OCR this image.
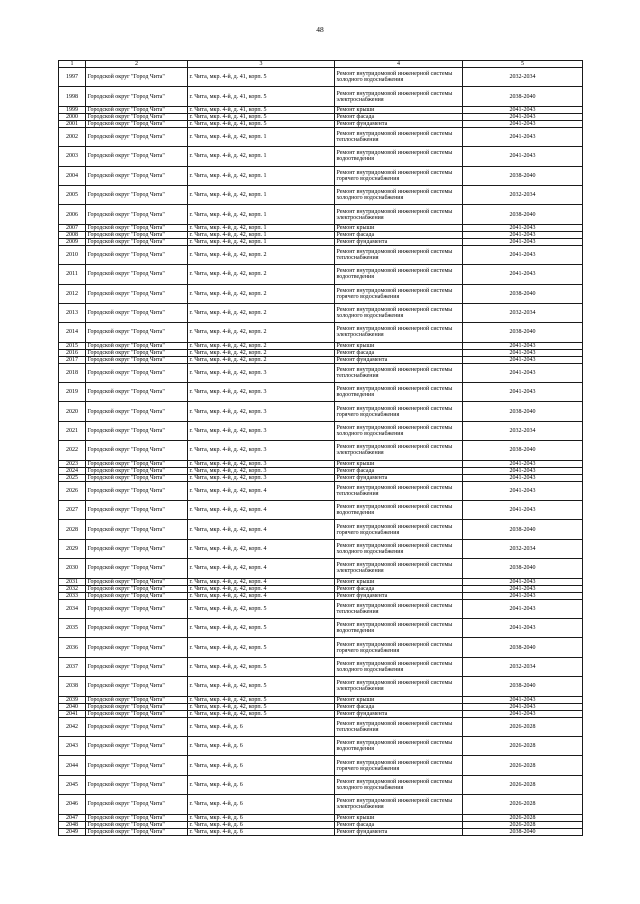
48
1	2	3	4	5
1997	Городской округ "Город Чита"	г. Чита, мкр. 4-й, д. 41, корп. 5	Ремонт внутридомовой инженерной системы
холодного водоснабжения	2032-2034
1998	Городской округ "Город Чита"	г. Чита, мкр. 4-й, д. 41, корп. 5	Ремонт внутридомовой инженерной системы
электроснабжения	2038-2040
1999	Городской округ "Город Чита"	г. Чита, мкр. 4-й, д. 41, корп. 5	Ремонт крыши	2041-2043
2000	Городской округ "Город Чита"	г. Чита, мкр. 4-й, д. 41, корп. 5	Ремонт фасада	2041-2043
2001	Городской округ "Город Чита"	г. Чита, мкр. 4-й, д. 41, корп. 5	Ремонт фундамента	2041-2043
2002	Городской округ "Город Чита"	г. Чита, мкр. 4-й, д. 42, корп. 1	Ремонт внутридомовой инженерной системы
теплоснабжения	2041-2043
2003	Городской округ "Город Чита"	г. Чита, мкр. 4-й, д. 42, корп. 1	Ремонт внутридомовой инженерной системы
водоотведения	2041-2043
2004	Городской округ "Город Чита"	г. Чита, мкр. 4-й, д. 42, корп. 1	Ремонт внутридомовой инженерной системы
горячего водоснабжения	2038-2040
2005	Городской округ "Город Чита"	г. Чита, мкр. 4-й, д. 42, корп. 1	Ремонт внутридомовой инженерной системы
холодного водоснабжения	2032-2034
2006	Городской округ "Город Чита"	г. Чита, мкр. 4-й, д. 42, корп. 1	Ремонт внутридомовой инженерной системы
электроснабжения	2038-2040
2007	Городской округ "Город Чита"	г. Чита, мкр. 4-й, д. 42, корп. 1	Ремонт крыши	2041-2043
2008	Городской округ "Город Чита"	г. Чита, мкр. 4-й, д. 42, корп. 1	Ремонт фасада	2041-2043
2009	Городской округ "Город Чита"	г. Чита, мкр. 4-й, д. 42, корп. 1	Ремонт фундамента	2041-2043
2010	Городской округ "Город Чита"	г. Чита, мкр. 4-й, д. 42, корп. 2	Ремонт внутридомовой инженерной системы
теплоснабжения	2041-2043
2011	Городской округ "Город Чита"	г. Чита, мкр. 4-й, д. 42, корп. 2	Ремонт внутридомовой инженерной системы
водоотведения	2041-2043
2012	Городской округ "Город Чита"	г. Чита, мкр. 4-й, д. 42, корп. 2	Ремонт внутридомовой инженерной системы
горячего водоснабжения	2038-2040
2013	Городской округ "Город Чита"	г. Чита, мкр. 4-й, д. 42, корп. 2	Ремонт внутридомовой инженерной системы
холодного водоснабжения	2032-2034
2014	Городской округ "Город Чита"	г. Чита, мкр. 4-й, д. 42, корп. 2	Ремонт внутридомовой инженерной системы
электроснабжения	2038-2040
2015	Городской округ "Город Чита"	г. Чита, мкр. 4-й, д. 42, корп. 2	Ремонт крыши	2041-2043
2016	Городской округ "Город Чита"	г. Чита, мкр. 4-й, д. 42, корп. 2	Ремонт фасада	2041-2043
2017	Городской округ "Город Чита"	г. Чита, мкр. 4-й, д. 42, корп. 2	Ремонт фундамента	2041-2043
2018	Городской округ "Город Чита"	г. Чита, мкр. 4-й, д. 42, корп. 3	Ремонт внутридомовой инженерной системы
теплоснабжения	2041-2043
2019	Городской округ "Город Чита"	г. Чита, мкр. 4-й, д. 42, корп. 3	Ремонт внутридомовой инженерной системы
водоотведения	2041-2043
2020	Городской округ "Город Чита"	г. Чита, мкр. 4-й, д. 42, корп. 3	Ремонт внутридомовой инженерной системы
горячего водоснабжения	2038-2040
2021	Городской округ "Город Чита"	г. Чита, мкр. 4-й, д. 42, корп. 3	Ремонт внутридомовой инженерной системы
холодного водоснабжения	2032-2034
2022	Городской округ "Город Чита"	г. Чита, мкр. 4-й, д. 42, корп. 3	Ремонт внутридомовой инженерной системы
электроснабжения	2038-2040
2023	Городской округ "Город Чита"	г. Чита, мкр. 4-й, д. 42, корп. 3	Ремонт крыши	2041-2043
2024	Городской округ "Город Чита"	г. Чита, мкр. 4-й, д. 42, корп. 3	Ремонт фасада	2041-2043
2025	Городской округ "Город Чита"	г. Чита, мкр. 4-й, д. 42, корп. 3	Ремонт фундамента	2041-2043
2026	Городской округ "Город Чита"	г. Чита, мкр. 4-й, д. 42, корп. 4	Ремонт внутридомовой инженерной системы
теплоснабжения	2041-2043
2027	Городской округ "Город Чита"	г. Чита, мкр. 4-й, д. 42, корп. 4	Ремонт внутридомовой инженерной системы
водоотведения	2041-2043
2028	Городской округ "Город Чита"	г. Чита, мкр. 4-й, д. 42, корп. 4	Ремонт внутридомовой инженерной системы
горячего водоснабжения	2038-2040
2029	Городской округ "Город Чита"	г. Чита, мкр. 4-й, д. 42, корп. 4	Ремонт внутридомовой инженерной системы
холодного водоснабжения	2032-2034
2030	Городской округ "Город Чита"	г. Чита, мкр. 4-й, д. 42, корп. 4	Ремонт внутридомовой инженерной системы
электроснабжения	2038-2040
2031	Городской округ "Город Чита"	г. Чита, мкр. 4-й, д. 42, корп. 4	Ремонт крыши	2041-2043
2032	Городской округ "Город Чита"	г. Чита, мкр. 4-й, д. 42, корп. 4	Ремонт фасада	2041-2043
2033	Городской округ "Город Чита"	г. Чита, мкр. 4-й, д. 42, корп. 4	Ремонт фундамента	2041-2043
2034	Городской округ "Город Чита"	г. Чита, мкр. 4-й, д. 42, корп. 5	Ремонт внутридомовой инженерной системы
теплоснабжения	2041-2043
2035	Городской округ "Город Чита"	г. Чита, мкр. 4-й, д. 42, корп. 5	Ремонт внутридомовой инженерной системы
водоотведения	2041-2043
2036	Городской округ "Город Чита"	г. Чита, мкр. 4-й, д. 42, корп. 5	Ремонт внутридомовой инженерной системы
горячего водоснабжения	2038-2040
2037	Городской округ "Город Чита"	г. Чита, мкр. 4-й, д. 42, корп. 5	Ремонт внутридомовой инженерной системы
холодного водоснабжения	2032-2034
2038	Городской округ "Город Чита"	г. Чита, мкр. 4-й, д. 42, корп. 5	Ремонт внутридомовой инженерной системы
электроснабжения	2038-2040
2039	Городской округ "Город Чита"	г. Чита, мкр. 4-й, д. 42, корп. 5	Ремонт крыши	2041-2043
2040	Городской округ "Город Чита"	г. Чита, мкр. 4-й, д. 42, корп. 5	Ремонт фасада	2041-2043
2041	Городской округ "Город Чита"	г. Чита, мкр. 4-й, д. 42, корп. 5	Ремонт фундамента	2041-2043
2042	Городской округ "Город Чита"	г. Чита, мкр. 4-й, д. 6	Ремонт внутридомовой инженерной системы
теплоснабжения	2026-2028
2043	Городской округ "Город Чита"	г. Чита, мкр. 4-й, д. 6	Ремонт внутридомовой инженерной системы
водоотведения	2026-2028
2044	Городской округ "Город Чита"	г. Чита, мкр. 4-й, д. 6	Ремонт внутридомовой инженерной системы
горячего водоснабжения	2026-2028
2045	Городской округ "Город Чита"	г. Чита, мкр. 4-й, д. 6	Ремонт внутридомовой инженерной системы
холодного водоснабжения	2026-2028
2046	Городской округ "Город Чита"	г. Чита, мкр. 4-й, д. 6	Ремонт внутридомовой инженерной системы
электроснабжения	2026-2028
2047	Городской округ "Город Чита"	г. Чита, мкр. 4-й, д. 6	Ремонт крыши	2026-2028
2048	Городской округ "Город Чита"	г. Чита, мкр. 4-й, д. 6	Ремонт фасада	2026-2028
2049	Городской округ "Город Чита"	г. Чита, мкр. 4-й, д. 6	Ремонт фундамента	2038-2040
